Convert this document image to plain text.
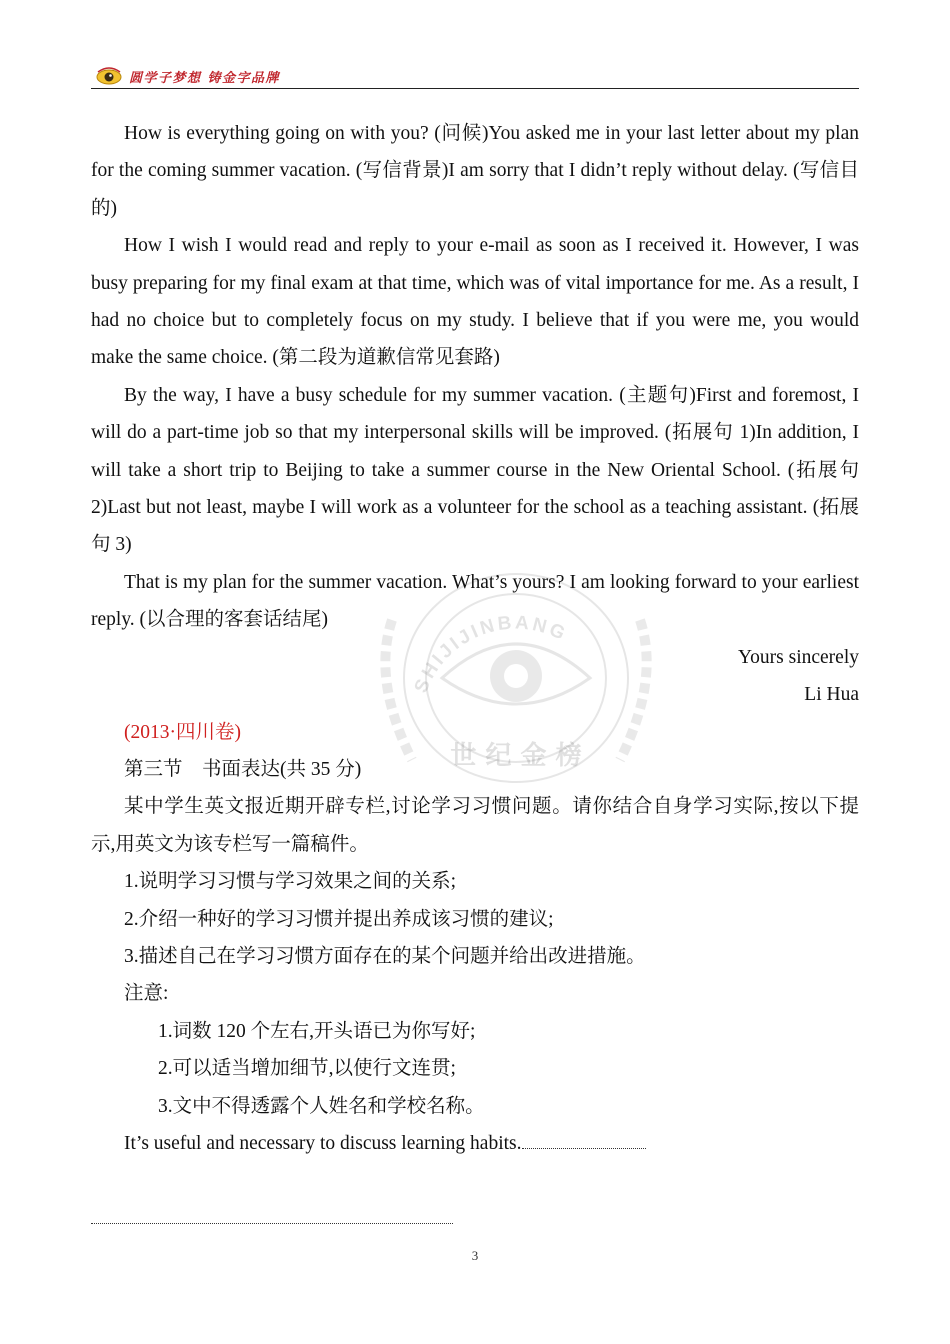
圆学子梦想 铸金字品牌
SHIJIJINBANG
世 纪 金 榜

How is everything going on with you? (问候)You asked me in your last letter about my plan for the coming summer vacation. (写信背景)I am sorry that I didn’t reply without delay. (写信目的)

How I wish I would read and reply to your e-mail as soon as I received it. However, I was busy preparing for my final exam at that time, which was of vital importance for me. As a result, I had no choice but to completely focus on my study. I believe that if you were me, you would make the same choice. (第二段为道歉信常见套路)

By the way, I have a busy schedule for my summer vacation. (主题句)First and foremost, I will do a part-time job so that my interpersonal skills will be improved. (拓展句 1)In addition, I will take a short trip to Beijing to take a summer course in the New Oriental School. (拓展句 2)Last but not least, maybe I will work as a volunteer for the school as a teaching assistant. (拓展句 3)

That is my plan for the summer vacation. What’s yours? I am looking forward to your earliest reply. (以合理的客套话结尾)

Yours sincerely

Li Hua

(2013·四川卷)

第三节　书面表达(共 35 分)

某中学生英文报近期开辟专栏,讨论学习习惯问题。请你结合自身学习实际,按以下提示,用英文为该专栏写一篇稿件。

1.说明学习习惯与学习效果之间的关系;

2.介绍一种好的学习习惯并提出养成该习惯的建议;

3.描述自己在学习习惯方面存在的某个问题并给出改进措施。

注意:

1.词数 120 个左右,开头语已为你写好;

2.可以适当增加细节,以使行文连贯;

3.文中不得透露个人姓名和学校名称。

It’s useful and necessary to discuss learning habits.

3
